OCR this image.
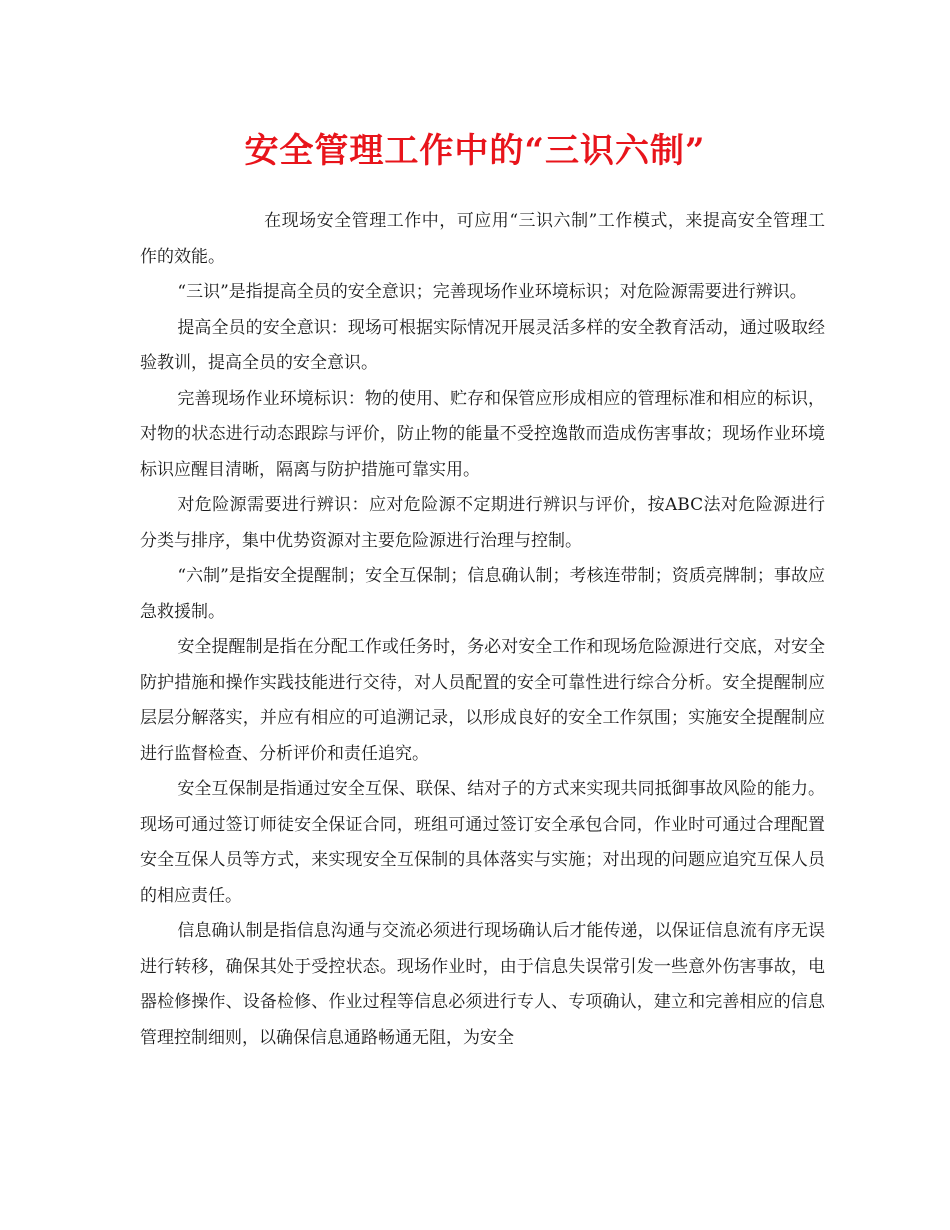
安全管理工作中的“三识六制”

在现场安全管理工作中，可应用“三识六制”工作模式，来提高安全管理工作的效能。

“三识”是指提高全员的安全意识；完善现场作业环境标识；对危险源需要进行辨识。

提高全员的安全意识：现场可根据实际情况开展灵活多样的安全教育活动，通过吸取经验教训，提高全员的安全意识。

完善现场作业环境标识：物的使用、贮存和保管应形成相应的管理标准和相应的标识，对物的状态进行动态跟踪与评价，防止物的能量不受控逸散而造成伤害事故；现场作业环境标识应醒目清晰，隔离与防护措施可靠实用。

对危险源需要进行辨识：应对危险源不定期进行辨识与评价，按ABC法对危险源进行分类与排序，集中优势资源对主要危险源进行治理与控制。

“六制”是指安全提醒制；安全互保制；信息确认制；考核连带制；资质亮牌制；事故应急救援制。

安全提醒制是指在分配工作或任务时，务必对安全工作和现场危险源进行交底，对安全防护措施和操作实践技能进行交待，对人员配置的安全可靠性进行综合分析。安全提醒制应层层分解落实，并应有相应的可追溯记录，以形成良好的安全工作氛围；实施安全提醒制应进行监督检查、分析评价和责任追究。

安全互保制是指通过安全互保、联保、结对子的方式来实现共同抵御事故风险的能力。现场可通过签订师徒安全保证合同，班组可通过签订安全承包合同，作业时可通过合理配置安全互保人员等方式，来实现安全互保制的具体落实与实施；对出现的问题应追究互保人员的相应责任。

信息确认制是指信息沟通与交流必须进行现场确认后才能传递，以保证信息流有序无误进行转移，确保其处于受控状态。现场作业时，由于信息失误常引发一些意外伤害事故，电器检修操作、设备检修、作业过程等信息必须进行专人、专项确认，建立和完善相应的信息管理控制细则，以确保信息通路畅通无阻，为安全
